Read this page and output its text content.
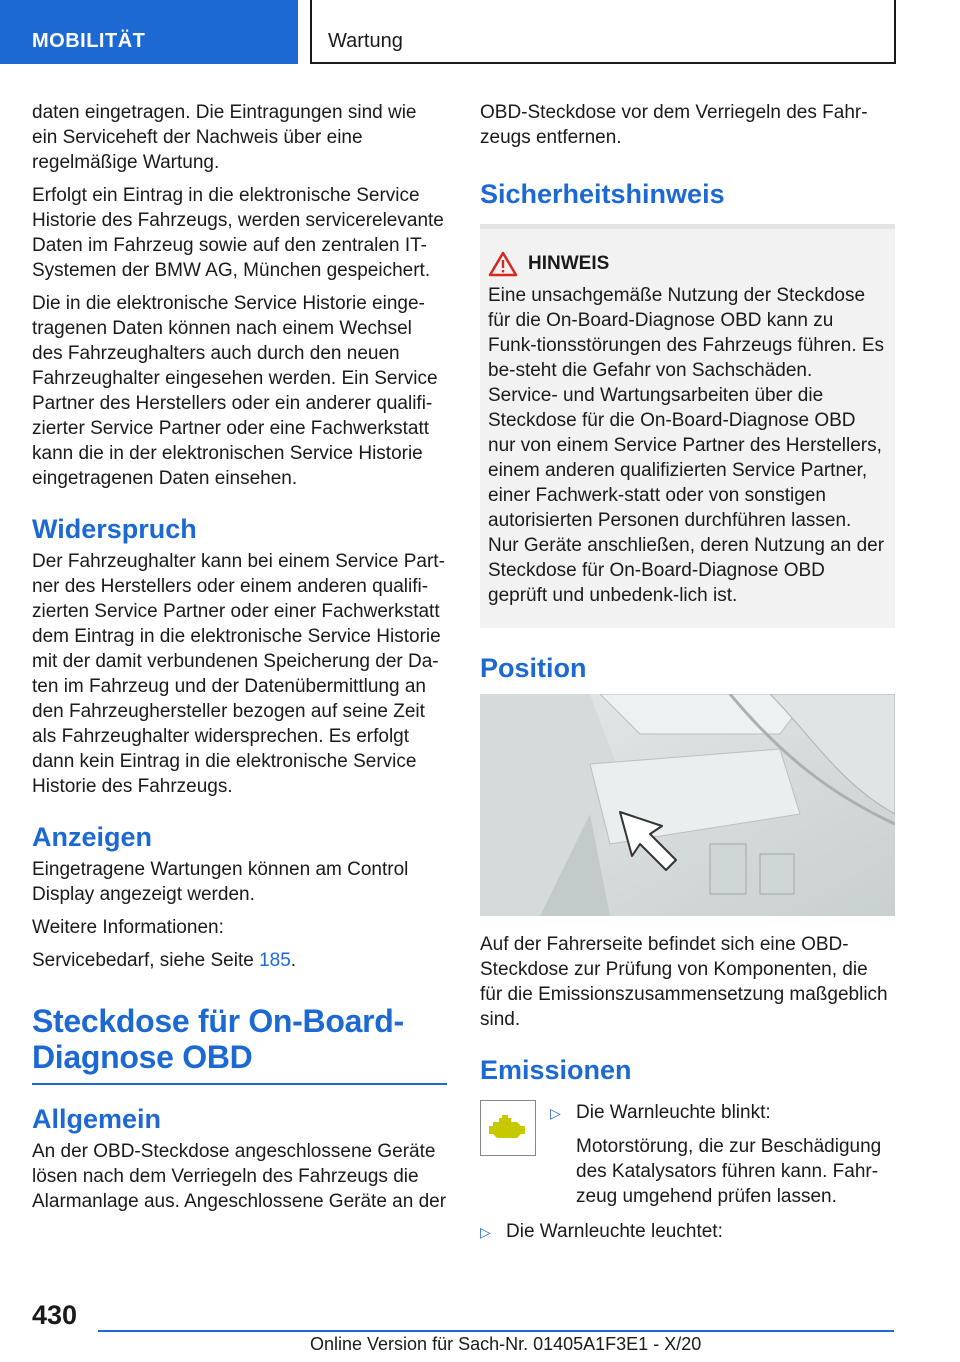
MOBILITÄT	Wartung

daten eingetragen. Die Eintragungen sind wie ein Serviceheft der Nachweis über eine regelmäßige Wartung.

Erfolgt ein Eintrag in die elektronische Service Historie des Fahrzeugs, werden servicerelevante Daten im Fahrzeug sowie auf den zentralen IT-Systemen der BMW AG, München gespeichert.

Die in die elektronische Service Historie einge-tragenen Daten können nach einem Wechsel des Fahrzeughalters auch durch den neuen Fahrzeughalter eingesehen werden. Ein Service Partner des Herstellers oder ein anderer qualifi-zierter Service Partner oder eine Fachwerkstatt kann die in der elektronischen Service Historie eingetragenen Daten einsehen.

Widerspruch

Der Fahrzeughalter kann bei einem Service Part-ner des Herstellers oder einem anderen qualifi-zierten Service Partner oder einer Fachwerkstatt dem Eintrag in die elektronische Service Historie mit der damit verbundenen Speicherung der Da-ten im Fahrzeug und der Datenübermittlung an den Fahrzeughersteller bezogen auf seine Zeit als Fahrzeughalter widersprechen. Es erfolgt dann kein Eintrag in die elektronische Service Historie des Fahrzeugs.

Anzeigen

Eingetragene Wartungen können am Control Display angezeigt werden.

Weitere Informationen:

Servicebedarf, siehe Seite 185.

Steckdose für On-Board-
Diagnose OBD
Allgemein

An der OBD-Steckdose angeschlossene Geräte lösen nach dem Verriegeln des Fahrzeugs die Alarmanlage aus. Angeschlossene Geräte an der

OBD-Steckdose vor dem Verriegeln des Fahr-zeugs entfernen.

Sicherheitshinweis
HINWEIS

Eine unsachgemäße Nutzung der Steckdose für die On-Board-Diagnose OBD kann zu Funk-tionsstörungen des Fahrzeugs führen. Es be-steht die Gefahr von Sachschäden. Service- und Wartungsarbeiten über die Steckdose für die On-Board-Diagnose OBD nur von einem Service Partner des Herstellers, einem anderen qualifizierten Service Partner, einer Fachwerk-statt oder von sonstigen autorisierten Personen durchführen lassen. Nur Geräte anschließen, deren Nutzung an der Steckdose für On-Board-Diagnose OBD geprüft und unbedenk-lich ist.

Position

Auf der Fahrerseite befindet sich eine OBD-Steckdose zur Prüfung von Komponenten, die für die Emissionszusammensetzung maßgeblich sind.

Emissionen
▷ Die Warnleuchte blinkt:
Motorstörung, die zur Beschädigung des Katalysators führen kann. Fahr-zeug umgehend prüfen lassen.
▷ Die Warnleuchte leuchtet:
430
Online Version für Sach-Nr. 01405A1F3E1 - X/20
